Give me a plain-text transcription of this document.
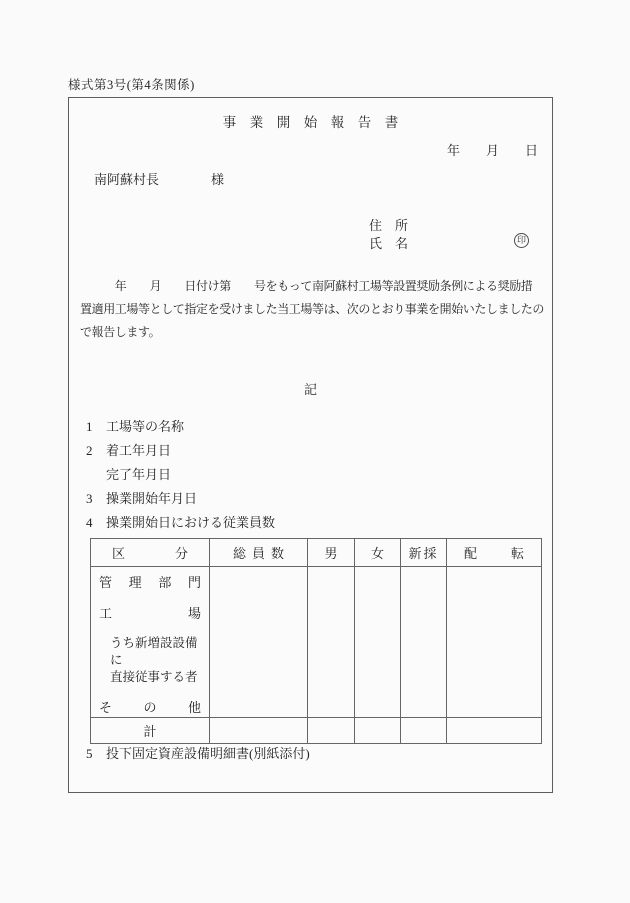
様式第3号(第4条関係)
事　業　開　始　報　告　書
年　　月　　日
南阿蘇村長　　　　様
住　所
氏　名	印
　　　年　　月　　日付け第　　号をもって南阿蘇村工場等設置奨励条例による奨励措
置適用工場等として指定を受けました当工場等は、次のとおり事業を開始いたしましたの
で報告します。
記
1 工場等の名称
2 着工年月日
完了年月日
3 操業開始年月日
4 操業開始日における従業員数
区 分	総 員 数	男	女	新採	配 転

管 理 部 門
工	場
うち新増設設備に
直接従事する者
そ の 他

計					
5 投下固定資産設備明細書(別紙添付)
